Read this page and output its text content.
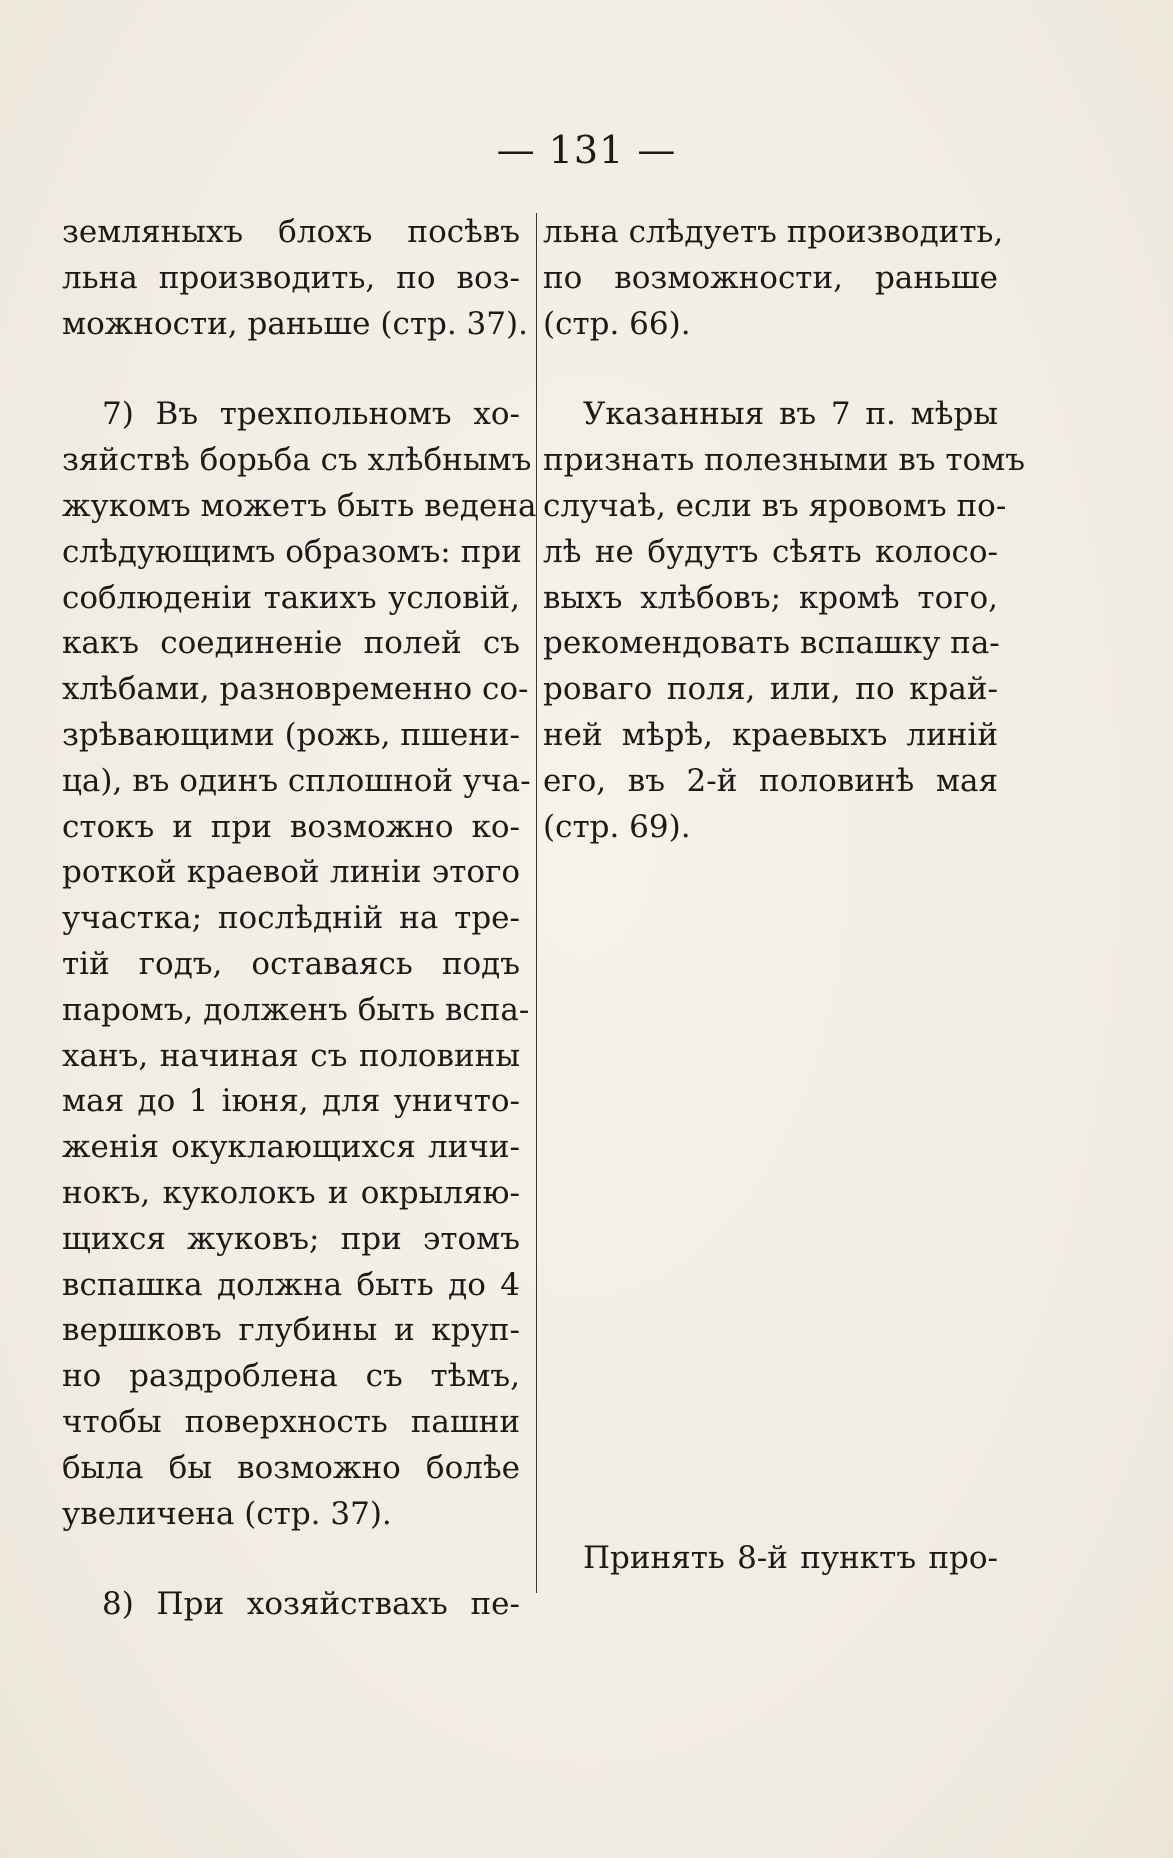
— 131 —
земляныхъ блохъ посѣвъ
льна производить, по воз-
можности, раньше (стр. 37).
7) Въ трехпольномъ хо-
зяйствѣ борьба съ хлѣбнымъ
жукомъ можетъ быть ведена
слѣдующимъ образомъ: при
соблюденіи такихъ условій,
какъ соединеніе полей съ
хлѣбами, разновременно со-
зрѣвающими (рожь, пшени-
ца), въ одинъ сплошной уча-
стокъ и при возможно ко-
роткой краевой линіи этого
участка; послѣдній на тре-
тій годъ, оставаясь подъ
паромъ, долженъ быть вспа-
ханъ, начиная съ половины
мая до 1 іюня, для уничто-
женія окуклающихся личи-
нокъ, куколокъ и окрыляю-
щихся жуковъ; при этомъ
вспашка должна быть до 4
вершковъ глубины и круп-
но раздроблена съ тѣмъ,
чтобы поверхность пашни
была бы возможно болѣе
увеличена (стр. 37).
8) При хозяйствахъ пе-
льна слѣдуетъ производить,
по возможности, раньше
(стр. 66).
Указанныя въ 7 п. мѣры
признать полезными въ томъ
случаѣ, если въ яровомъ по-
лѣ не будутъ сѣять колосо-
выхъ хлѣбовъ; кромѣ того,
рекомендовать вспашку па-
роваго поля, или, по край-
ней мѣрѣ, краевыхъ линій
его, въ 2-й половинѣ мая
(стр. 69).
Принять 8-й пунктъ про-
